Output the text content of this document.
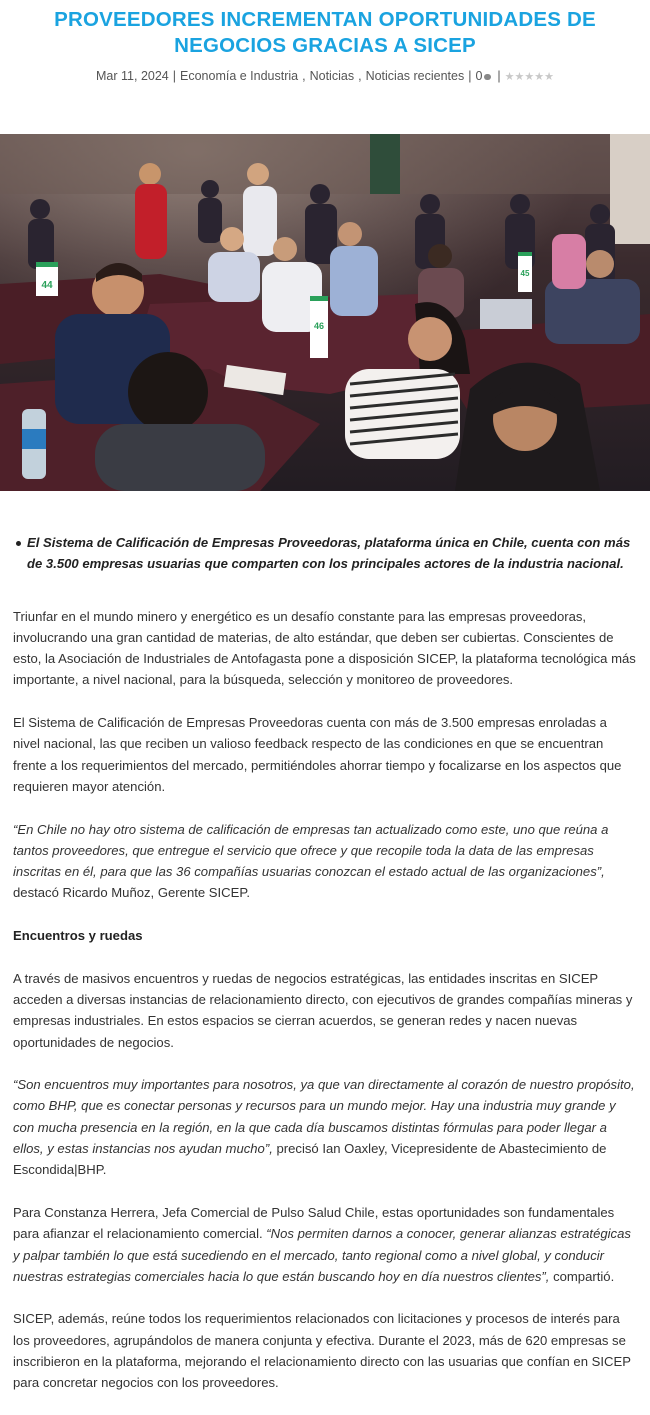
PROVEEDORES INCREMENTAN OPORTUNIDADES DE NEGOCIOS GRACIAS A SICEP
Mar 11, 2024 | Economía e Industria , Noticias , Noticias recientes | 0	| ★★★★★
44
46
45
El Sistema de Calificación de Empresas Proveedoras, plataforma única en Chile, cuenta con más de 3.500 empresas usuarias que comparten con los principales actores de la industria nacional.

Triunfar en el mundo minero y energético es un desafío constante para las empresas proveedoras, involucrando una gran cantidad de materias, de alto estándar, que deben ser cubiertas. Conscientes de esto, la Asociación de Industriales de Antofagasta pone a disposición SICEP, la plataforma tecnológica más importante, a nivel nacional, para la búsqueda, selección y monitoreo de proveedores.

El Sistema de Calificación de Empresas Proveedoras cuenta con más de 3.500 empresas enroladas a nivel nacional, las que reciben un valioso feedback respecto de las condiciones en que se encuentran frente a los requerimientos del mercado, permitiéndoles ahorrar tiempo y focalizarse en los aspectos que requieren mayor atención.

“En Chile no hay otro sistema de calificación de empresas tan actualizado como este, uno que reúna a tantos proveedores, que entregue el servicio que ofrece y que recopile toda la data de las empresas inscritas en él, para que las 36 compañías usuarias conozcan el estado actual de las organizaciones”, destacó Ricardo Muñoz, Gerente SICEP.

Encuentros y ruedas

A través de masivos encuentros y ruedas de negocios estratégicas, las entidades inscritas en SICEP acceden a diversas instancias de relacionamiento directo, con ejecutivos de grandes compañías mineras y empresas industriales. En estos espacios se cierran acuerdos, se generan redes y nacen nuevas oportunidades de negocios.

“Son encuentros muy importantes para nosotros, ya que van directamente al corazón de nuestro propósito, como BHP, que es conectar personas y recursos para un mundo mejor. Hay una industria muy grande y con mucha presencia en la región, en la que cada día buscamos distintas fórmulas para poder llegar a ellos, y estas instancias nos ayudan mucho”, precisó Ian Oaxley, Vicepresidente de Abastecimiento de Escondida|BHP.

Para Constanza Herrera, Jefa Comercial de Pulso Salud Chile, estas oportunidades son fundamentales para afianzar el relacionamiento comercial. “Nos permiten darnos a conocer, generar alianzas estratégicas y palpar también lo que está sucediendo en el mercado, tanto regional como a nivel global, y conducir nuestras estrategias comerciales hacia lo que están buscando hoy en día nuestros clientes”, compartió.

SICEP, además, reúne todos los requerimientos relacionados con licitaciones y procesos de interés para los proveedores, agrupándolos de manera conjunta y efectiva. Durante el 2023, más de 620 empresas se inscribieron en la plataforma, mejorando el relacionamiento directo con las usuarias que confían en SICEP para concretar negocios con los proveedores.
